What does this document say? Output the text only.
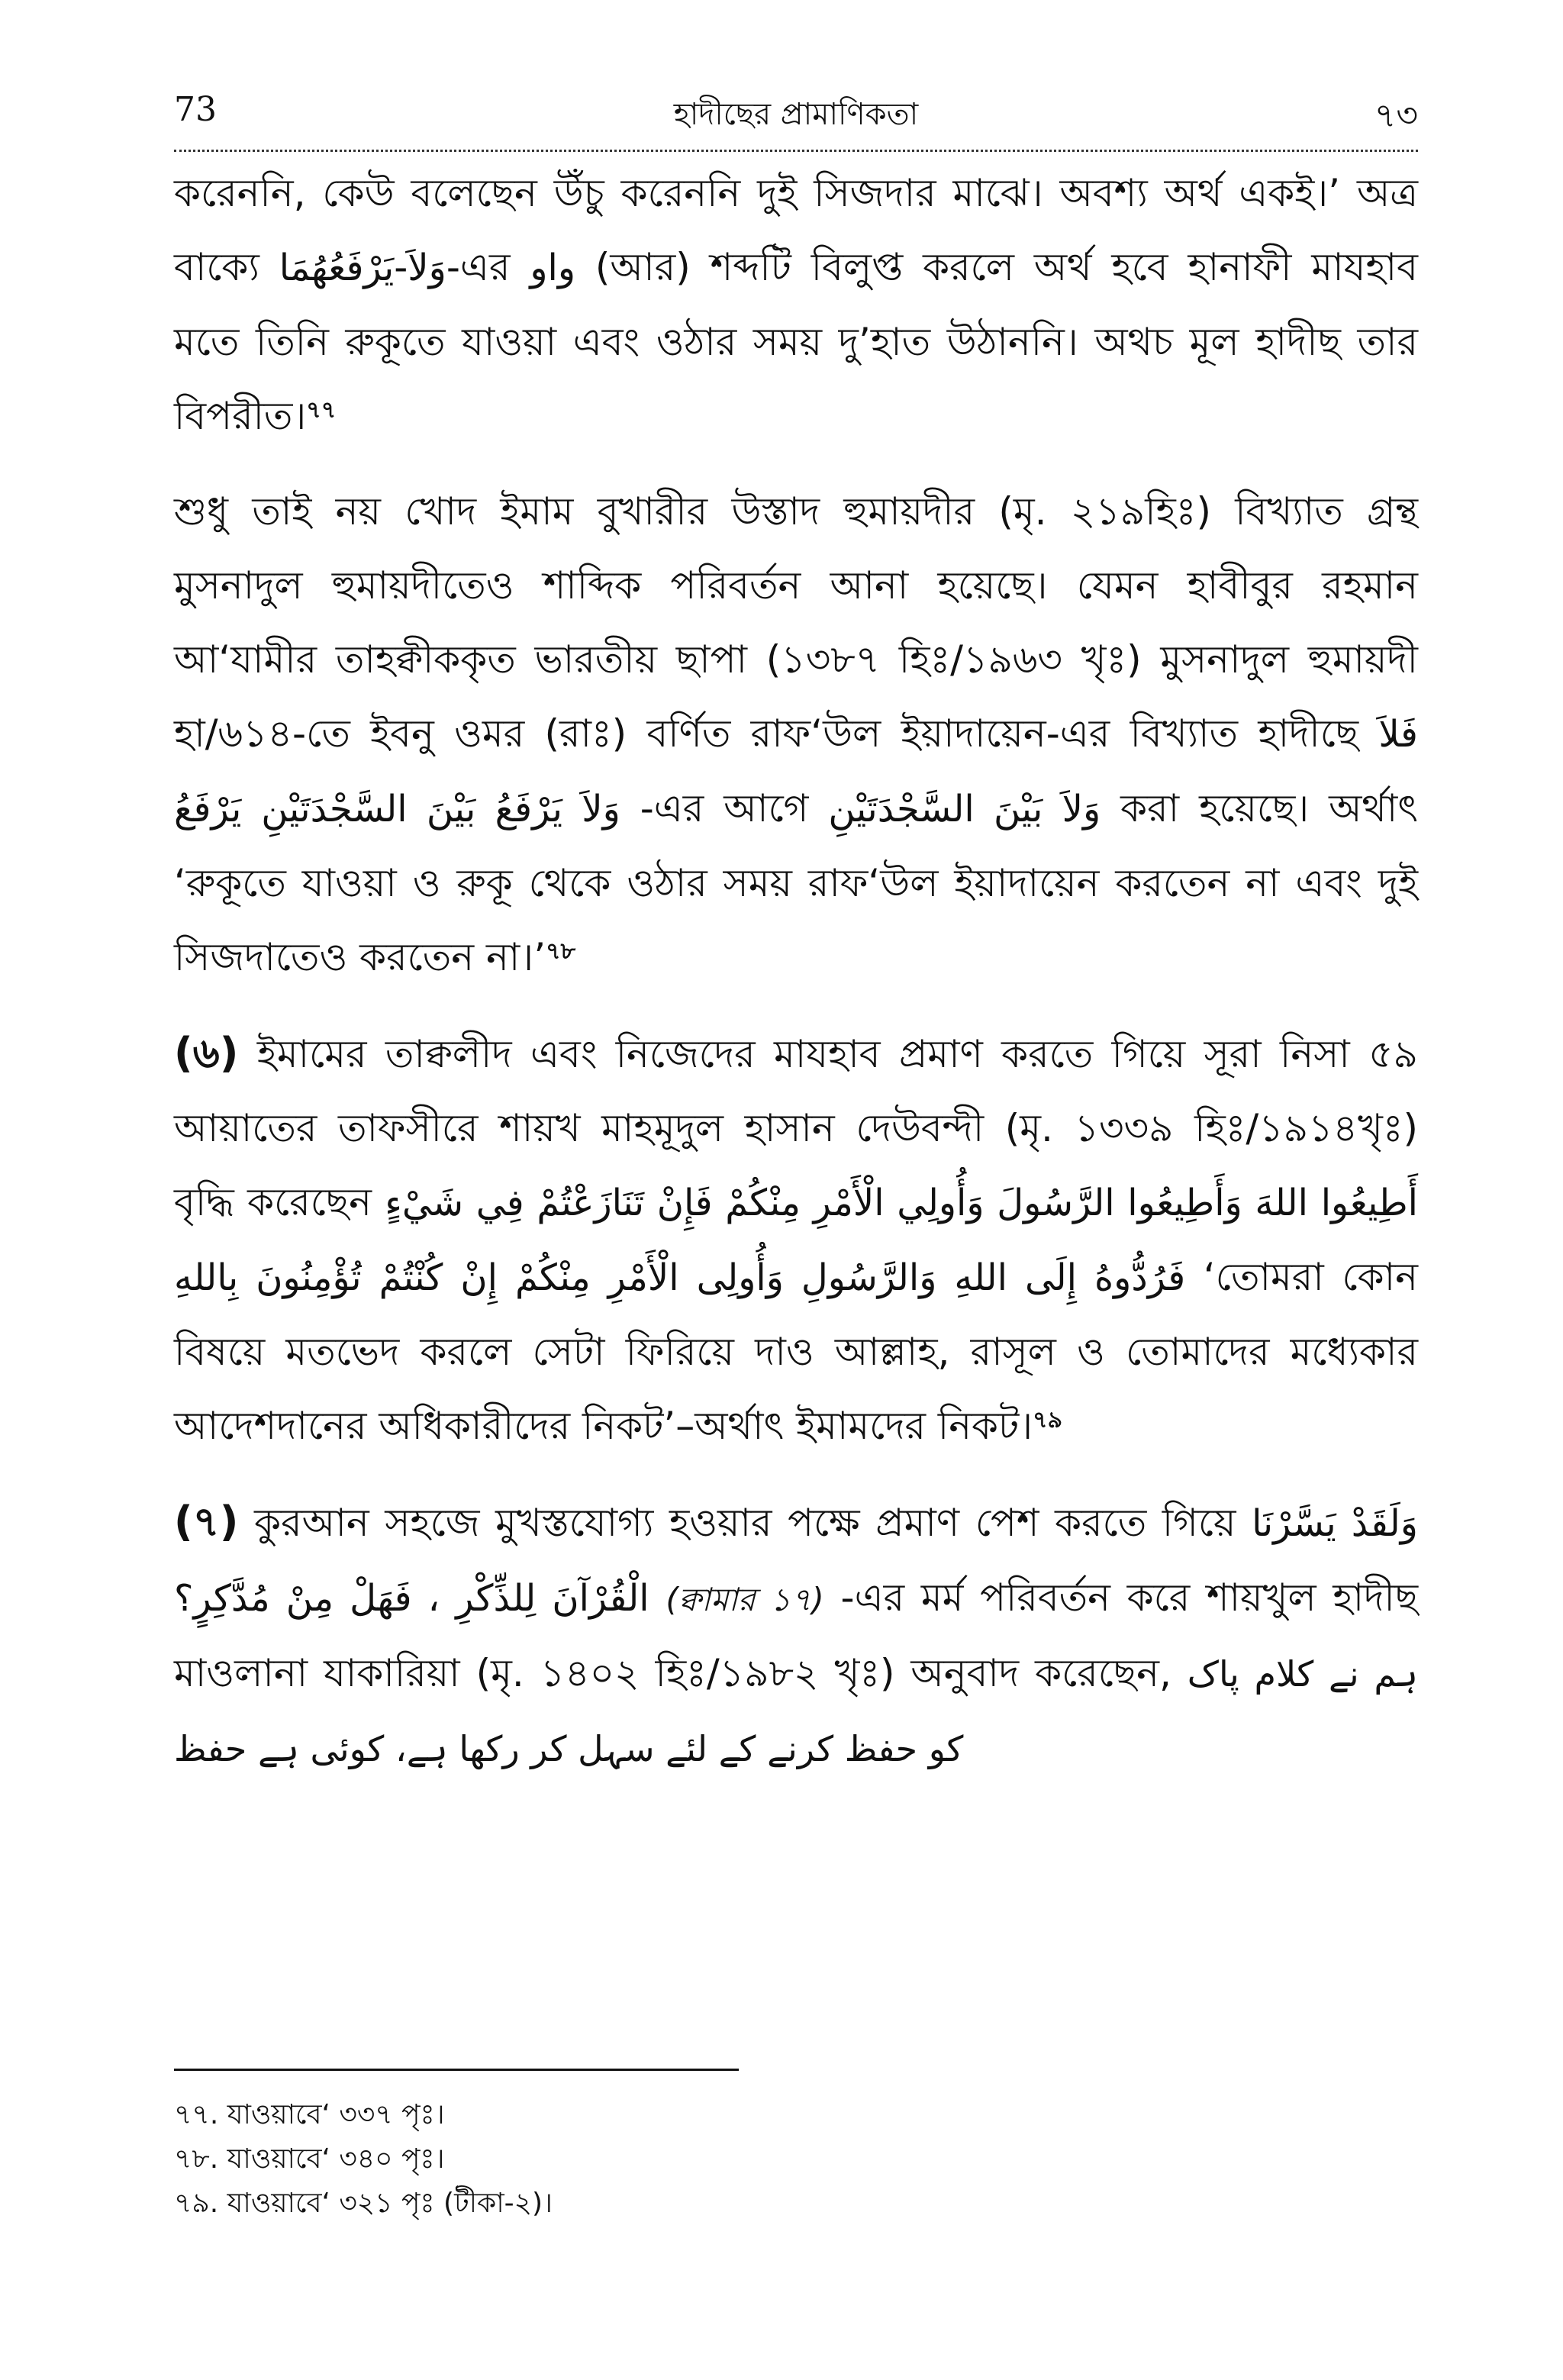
73	হাদীছের প্রামাণিকতা	৭৩

করেননি, কেউ বলেছেন উঁচু করেননি দুই সিজদার মাঝে। অবশ্য অর্থ একই।’ অত্র বাক্যে يَرْفَعُهُمَا-وَلاَ-এর واو (আর) শব্দটি বিলুপ্ত করলে অর্থ হবে হানাফী মাযহাব মতে তিনি রুকূতে যাওয়া এবং ওঠার সময় দু’হাত উঠাননি। অথচ মূল হাদীছ তার বিপরীত।$^{৭৭}$

শুধু তাই নয় খোদ ইমাম বুখারীর উস্তাদ হুমায়দীর (মৃ. ২১৯হিঃ) বিখ্যাত গ্রন্থ মুসনাদুল হুমায়দীতেও শাব্দিক পরিবর্তন আনা হয়েছে। যেমন হাবীবুর রহমান আ‘যামীর তাহক্বীককৃত ভারতীয় ছাপা (১৩৮৭ হিঃ/১৯৬৩ খৃঃ) মুসনাদুল হুমায়দী হা/৬১৪-তে ইবনু ওমর (রাঃ) বর্ণিত রাফ‘উল ইয়াদায়েন-এর বিখ্যাত হাদীছে فَلاَ يَرْفَعُ وَلاَ يَرْفَعُ بَيْنَ السَّجْدَتَيْنِ -এর আগে وَلاَ بَيْنَ السَّجْدَتَيْنِ করা হয়েছে। অর্থাৎ ‘রুকূতে যাওয়া ও রুকূ থেকে ওঠার সময় রাফ‘উল ইয়াদায়েন করতেন না এবং দুই সিজদাতেও করতেন না।’$^{৭৮}$

(৬) ইমামের তাক্বলীদ এবং নিজেদের মাযহাব প্রমাণ করতে গিয়ে সূরা নিসা ৫৯ আয়াতের তাফসীরে শায়খ মাহমূদুল হাসান দেউবন্দী (মৃ. ১৩৩৯ হিঃ/১৯১৪খৃঃ) বৃদ্ধি করেছেন أَطِيعُوا اللهَ وَأَطِيعُوا الرَّسُولَ وَأُولِي الْأَمْرِ مِنْكُمْ فَإِنْ تَنَازَعْتُمْ فِي شَيْءٍ فَرُدُّوهُ إِلَى اللهِ وَالرَّسُولِ وَأُولِى الْأَمْرِ مِنْكُمْ إِنْ كُنْتُمْ تُؤْمِنُونَ بِاللهِ ‘তোমরা কোন বিষয়ে মতভেদ করলে সেটা ফিরিয়ে দাও আল্লাহ, রাসূল ও তোমাদের মধ্যেকার আদেশদানের অধিকারীদের নিকট’–অর্থাৎ ইমামদের নিকট।$^{৭৯}$

(৭) কুরআন সহজে মুখস্তযোগ্য হওয়ার পক্ষে প্রমাণ পেশ করতে গিয়ে وَلَقَدْ يَسَّرْنَا الْقُرْآنَ لِلذِّكْرِ ، فَهَلْ مِنْ مُدَّكِرٍ؟ (ক্বামার ১৭) -এর মর্ম পরিবর্তন করে শায়খুল হাদীছ মাওলানা যাকারিয়া (মৃ. ১৪০২ হিঃ/১৯৮২ খৃঃ) অনুবাদ করেছেন, ہم نے کلام پاک کو حفظ کرنے کے لئے سہل کر رکھا ہے، کوئی ہے حفظ

৭৭. যাওয়াবে‘ ৩৩৭ পৃঃ।
৭৮. যাওয়াবে‘ ৩৪০ পৃঃ।
৭৯. যাওয়াবে‘ ৩২১ পৃঃ (টীকা-২)।
